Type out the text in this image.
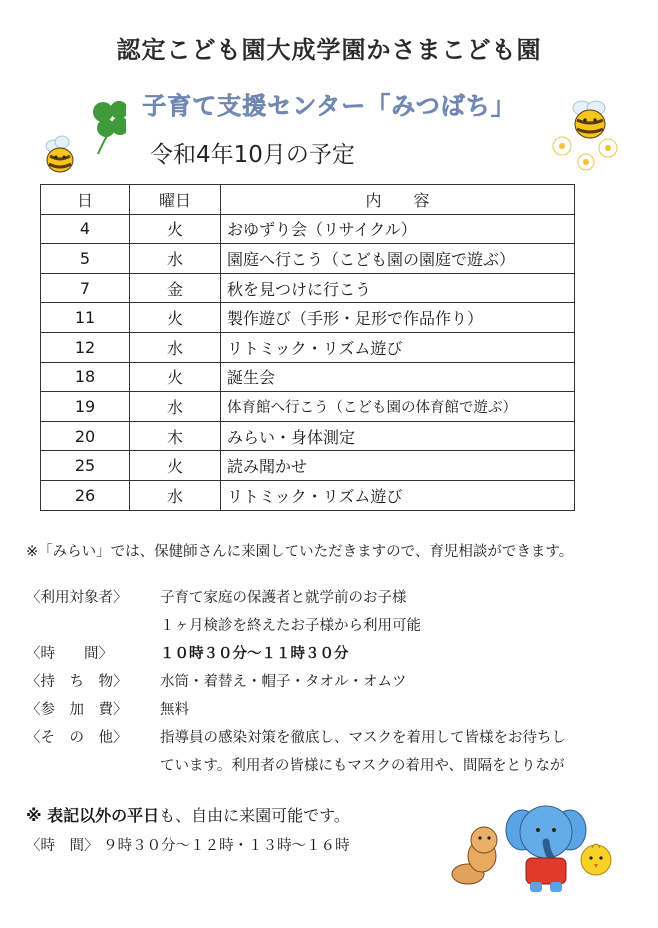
認定こども園大成学園かさまこども園
子育て支援センター「みつばち」
令和4年10月の予定
日	曜日	内　　容
4	火	おゆずり会（リサイクル）
5	水	園庭へ行こう（こども園の園庭で遊ぶ）
7	金	秋を見つけに行こう
11	火	製作遊び（手形・足形で作品作り）
12	水	リトミック・リズム遊び
18	火	誕生会
19	水	体育館へ行こう（こども園の体育館で遊ぶ）
20	木	みらい・身体測定
25	火	読み聞かせ
26	水	リトミック・リズム遊び
※「みらい」では、保健師さんに来園していただきますので、育児相談ができます。
〈利用対象者〉 子育て家庭の保護者と就学前のお子様
１ヶ月検診を終えたお子様から利用可能
〈時　　間〉	１０時３０分～１１時３０分
〈持　ち　物〉 水筒・着替え・帽子・タオル・オムツ
〈参　加　費〉 無料
〈そ　の　他〉 指導員の感染対策を徹底し、マスクを着用して皆様をお待ちし
ています。利用者の皆様にもマスクの着用や、間隔をとりなが
※ 表記以外の平日も、自由に来園可能です。
〈時　間〉 ９時３０分～１２時・１３時～１６時
